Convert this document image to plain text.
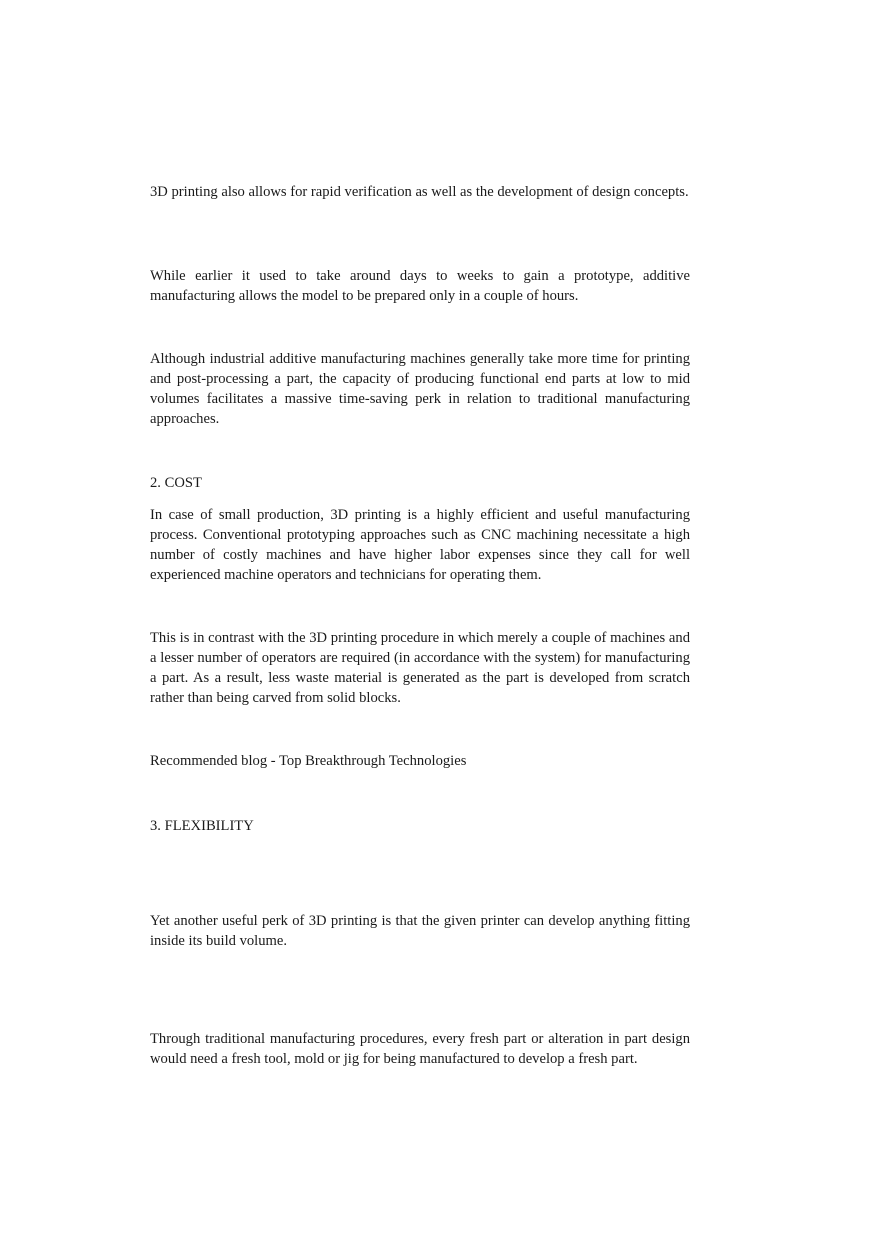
3D printing also allows for rapid verification as well as the development of design concepts.

While earlier it used to take around days to weeks to gain a prototype, additive manufacturing allows the model to be prepared only in a couple of hours.

Although industrial additive manufacturing machines generally take more time for printing and post-processing a part, the capacity of producing functional end parts at low to mid volumes facilitates a massive time-saving perk in relation to traditional manufacturing approaches.

2. COST

In case of small production, 3D printing is a highly efficient and useful manufacturing process. Conventional prototyping approaches such as CNC machining necessitate a high number of costly machines and have higher labor expenses since they call for well experienced machine operators and technicians for operating them.

This is in contrast with the 3D printing procedure in which merely a couple of machines and a lesser number of operators are required (in accordance with the system) for manufacturing a part. As a result, less waste material is generated as the part is developed from scratch rather than being carved from solid blocks.

Recommended blog - Top Breakthrough Technologies

3. FLEXIBILITY

Yet another useful perk of 3D printing is that the given printer can develop anything fitting inside its build volume.

Through traditional manufacturing procedures, every fresh part or alteration in part design would need a fresh tool, mold or jig for being manufactured to develop a fresh part.
